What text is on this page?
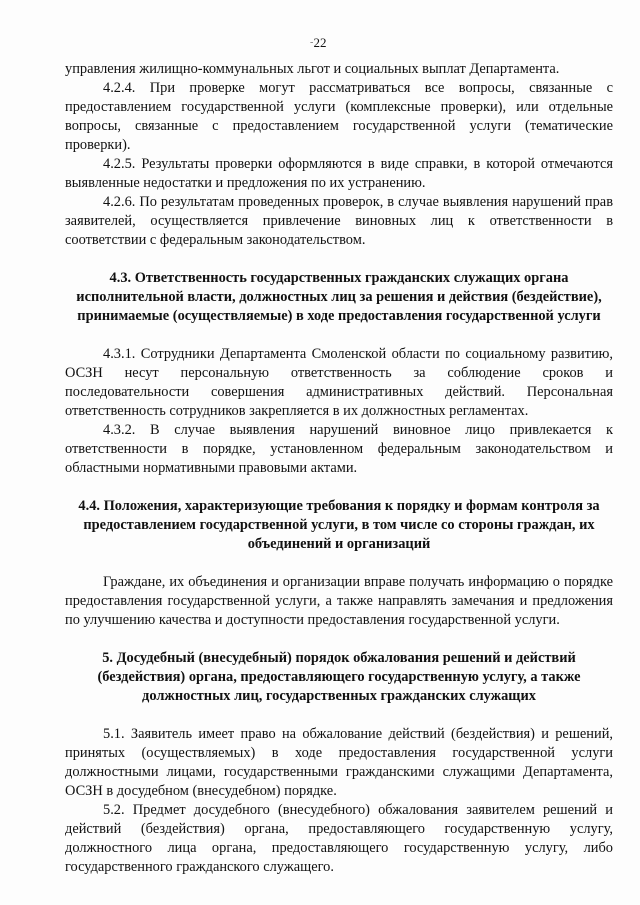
- 22

управления жилищно-коммунальных льгот и социальных выплат Департамента.

4.2.4. При проверке могут рассматриваться все вопросы, связанные с предоставлением государственной услуги (комплексные проверки), или отдельные вопросы, связанные с предоставлением государственной услуги (тематические проверки).

4.2.5. Результаты проверки оформляются в виде справки, в которой отмечаются выявленные недостатки и предложения по их устранению.

4.2.6. По результатам проведенных проверок, в случае выявления нарушений прав заявителей, осуществляется привлечение виновных лиц к ответственности в соответствии с федеральным законодательством.

4.3. Ответственность государственных гражданских служащих органа исполнительной власти, должностных лиц за решения и действия (бездействие), принимаемые (осуществляемые) в ходе предоставления государственной услуги

4.3.1. Сотрудники Департамента Смоленской области по социальному развитию, ОСЗН несут персональную ответственность за соблюдение сроков и последовательности совершения административных действий. Персональная ответственность сотрудников закрепляется в их должностных регламентах.

4.3.2. В случае выявления нарушений виновное лицо привлекается к ответственности в порядке, установленном федеральным законодательством и областными нормативными правовыми актами.

4.4. Положения, характеризующие требования к порядку и формам контроля за предоставлением государственной услуги, в том числе со стороны граждан, их объединений и организаций

Граждане, их объединения и организации вправе получать информацию о порядке предоставления государственной услуги, а также направлять замечания и предложения по улучшению качества и доступности предоставления государственной услуги.

5. Досудебный (внесудебный) порядок обжалования решений и действий (бездействия) органа, предоставляющего государственную услугу, а также должностных лиц, государственных гражданских служащих

5.1. Заявитель имеет право на обжалование действий (бездействия) и решений, принятых (осуществляемых) в ходе предоставления государственной услуги должностными лицами, государственными гражданскими служащими Департамента, ОСЗН в досудебном (внесудебном) порядке.

5.2. Предмет досудебного (внесудебного) обжалования заявителем решений и действий (бездействия) органа, предоставляющего государственную услугу, должностного лица органа, предоставляющего государственную услугу, либо государственного гражданского служащего.
